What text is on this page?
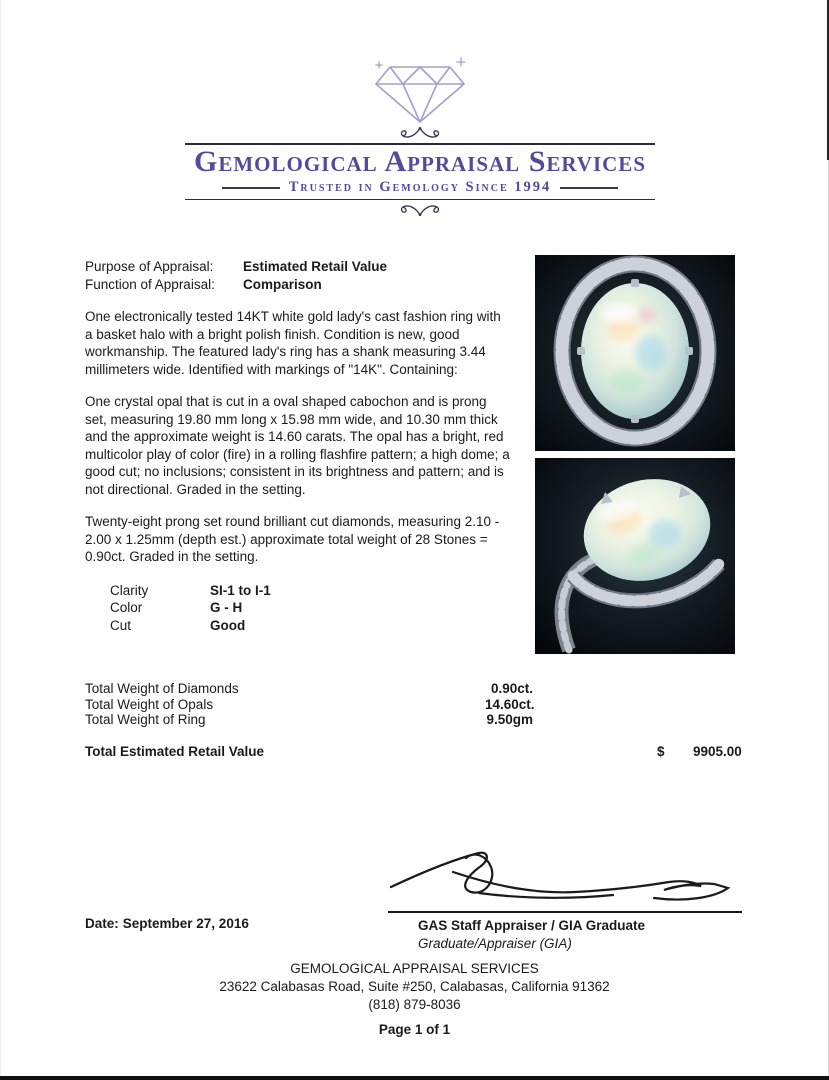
Gemological Appraisal Services
Trusted in Gemology Since 1994
Purpose of Appraisal:	Estimated Retail Value
Function of Appraisal:	Comparison

One electronically tested 14KT white gold lady's cast fashion ring with a basket halo with a bright polish finish. Condition is new, good workmanship. The featured lady's ring has a shank measuring 3.44 millimeters wide. Identified with markings of "14K". Containing:

One crystal opal that is cut in a oval shaped cabochon and is prong set, measuring 19.80 mm long x 15.98 mm wide, and 10.30 mm thick and the approximate weight is 14.60 carats. The opal has a bright, red multicolor play of color (fire) in a rolling flashfire pattern; a high dome; a good cut; no inclusions; consistent in its brightness and pattern; and is not directional. Graded in the setting.

Twenty-eight prong set round brilliant cut diamonds, measuring 2.10 - 2.00 x 1.25mm (depth est.) approximate total weight of 28 Stones = 0.90ct. Graded in the setting.

Clarity	SI-1 to I-1
Color	G - H
Cut	Good
Total Weight of Diamonds	0.90ct.
Total Weight of Opals	14.60ct.
Total Weight of Ring	9.50gm
Total Estimated Retail Value	$ 9905.00
Date: September 27, 2016	GAS Staff Appraiser / GIA Graduate
Graduate/Appraiser (GIA)
GEMOLOGICAL APPRAISAL SERVICES
23622 Calabasas Road, Suite #250, Calabasas, California 91362
(818) 879-8036
Page 1 of 1
